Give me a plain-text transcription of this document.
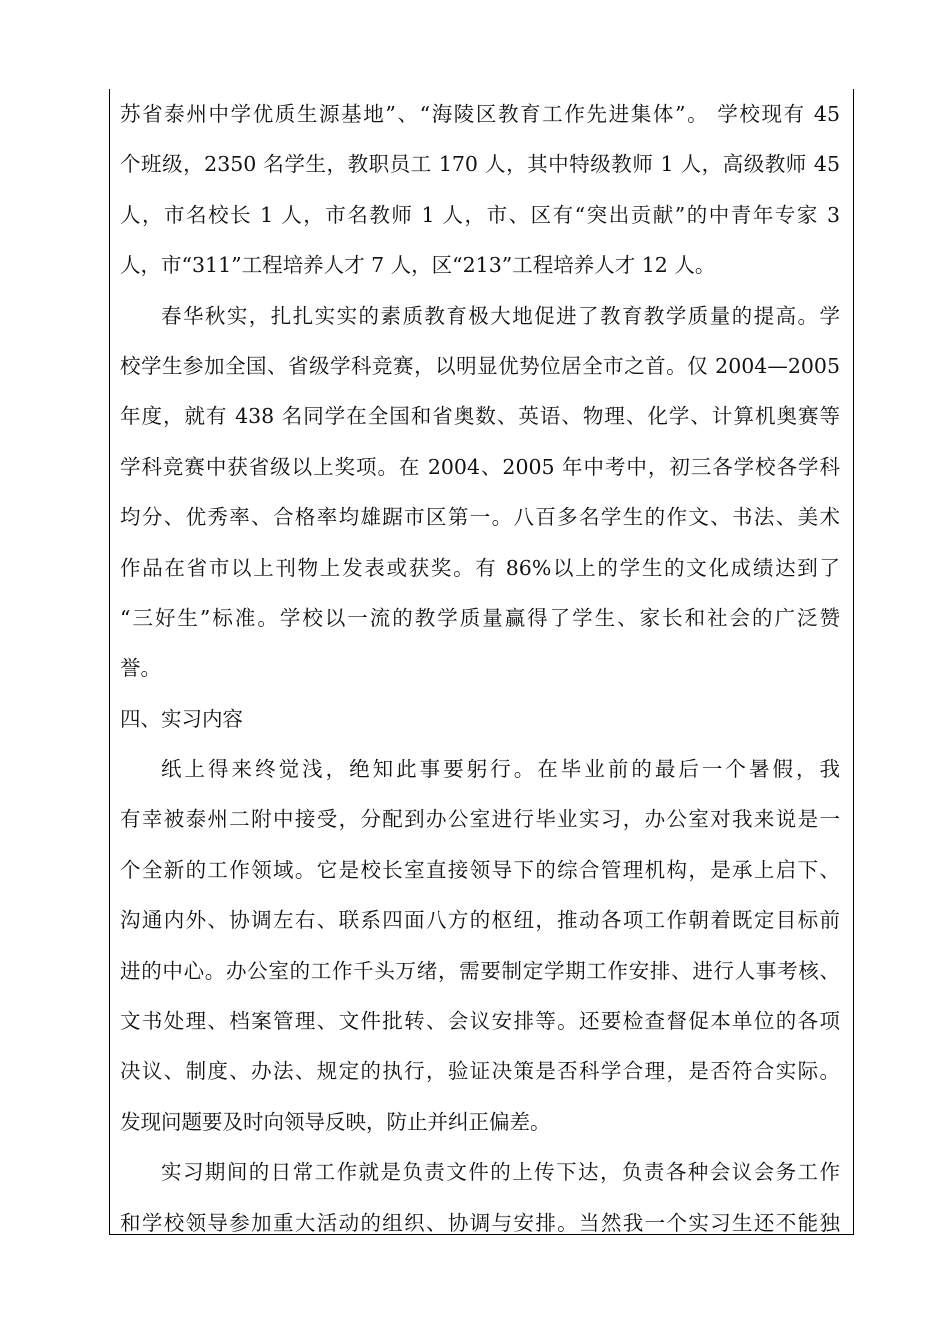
苏省泰州中学优质生源基地”、“海陵区教育工作先进集体”。 学校现有 45
个班级，2350 名学生，教职员工 170 人，其中特级教师 1 人，高级教师 45
人，市名校长 1 人，市名教师 1 人，市、区有“突出贡献”的中青年专家 3
人，市“311”工程培养人才 7 人，区“213”工程培养人才 12 人。
春华秋实，扎扎实实的素质教育极大地促进了教育教学质量的提高。学
校学生参加全国、省级学科竞赛，以明显优势位居全市之首。仅 2004—2005
年度，就有 438 名同学在全国和省奥数、英语、物理、化学、计算机奥赛等
学科竞赛中获省级以上奖项。在 2004、2005 年中考中，初三各学校各学科
均分、优秀率、合格率均雄踞市区第一。八百多名学生的作文、书法、美术
作品在省市以上刊物上发表或获奖。有 86%以上的学生的文化成绩达到了
“三好生”标准。学校以一流的教学质量赢得了学生、家长和社会的广泛赞
誉。
四、实习内容
纸上得来终觉浅，绝知此事要躬行。在毕业前的最后一个暑假，我
有幸被泰州二附中接受，分配到办公室进行毕业实习，办公室对我来说是一
个全新的工作领域。它是校长室直接领导下的综合管理机构，是承上启下、
沟通内外、协调左右、联系四面八方的枢纽，推动各项工作朝着既定目标前
进的中心。办公室的工作千头万绪，需要制定学期工作安排、进行人事考核、
文书处理、档案管理、文件批转、会议安排等。还要检查督促本单位的各项
决议、制度、办法、规定的执行，验证决策是否科学合理，是否符合实际。
发现问题要及时向领导反映，防止并纠正偏差。
实习期间的日常工作就是负责文件的上传下达，负责各种会议会务工作
和学校领导参加重大活动的组织、协调与安排。当然我一个实习生还不能独
